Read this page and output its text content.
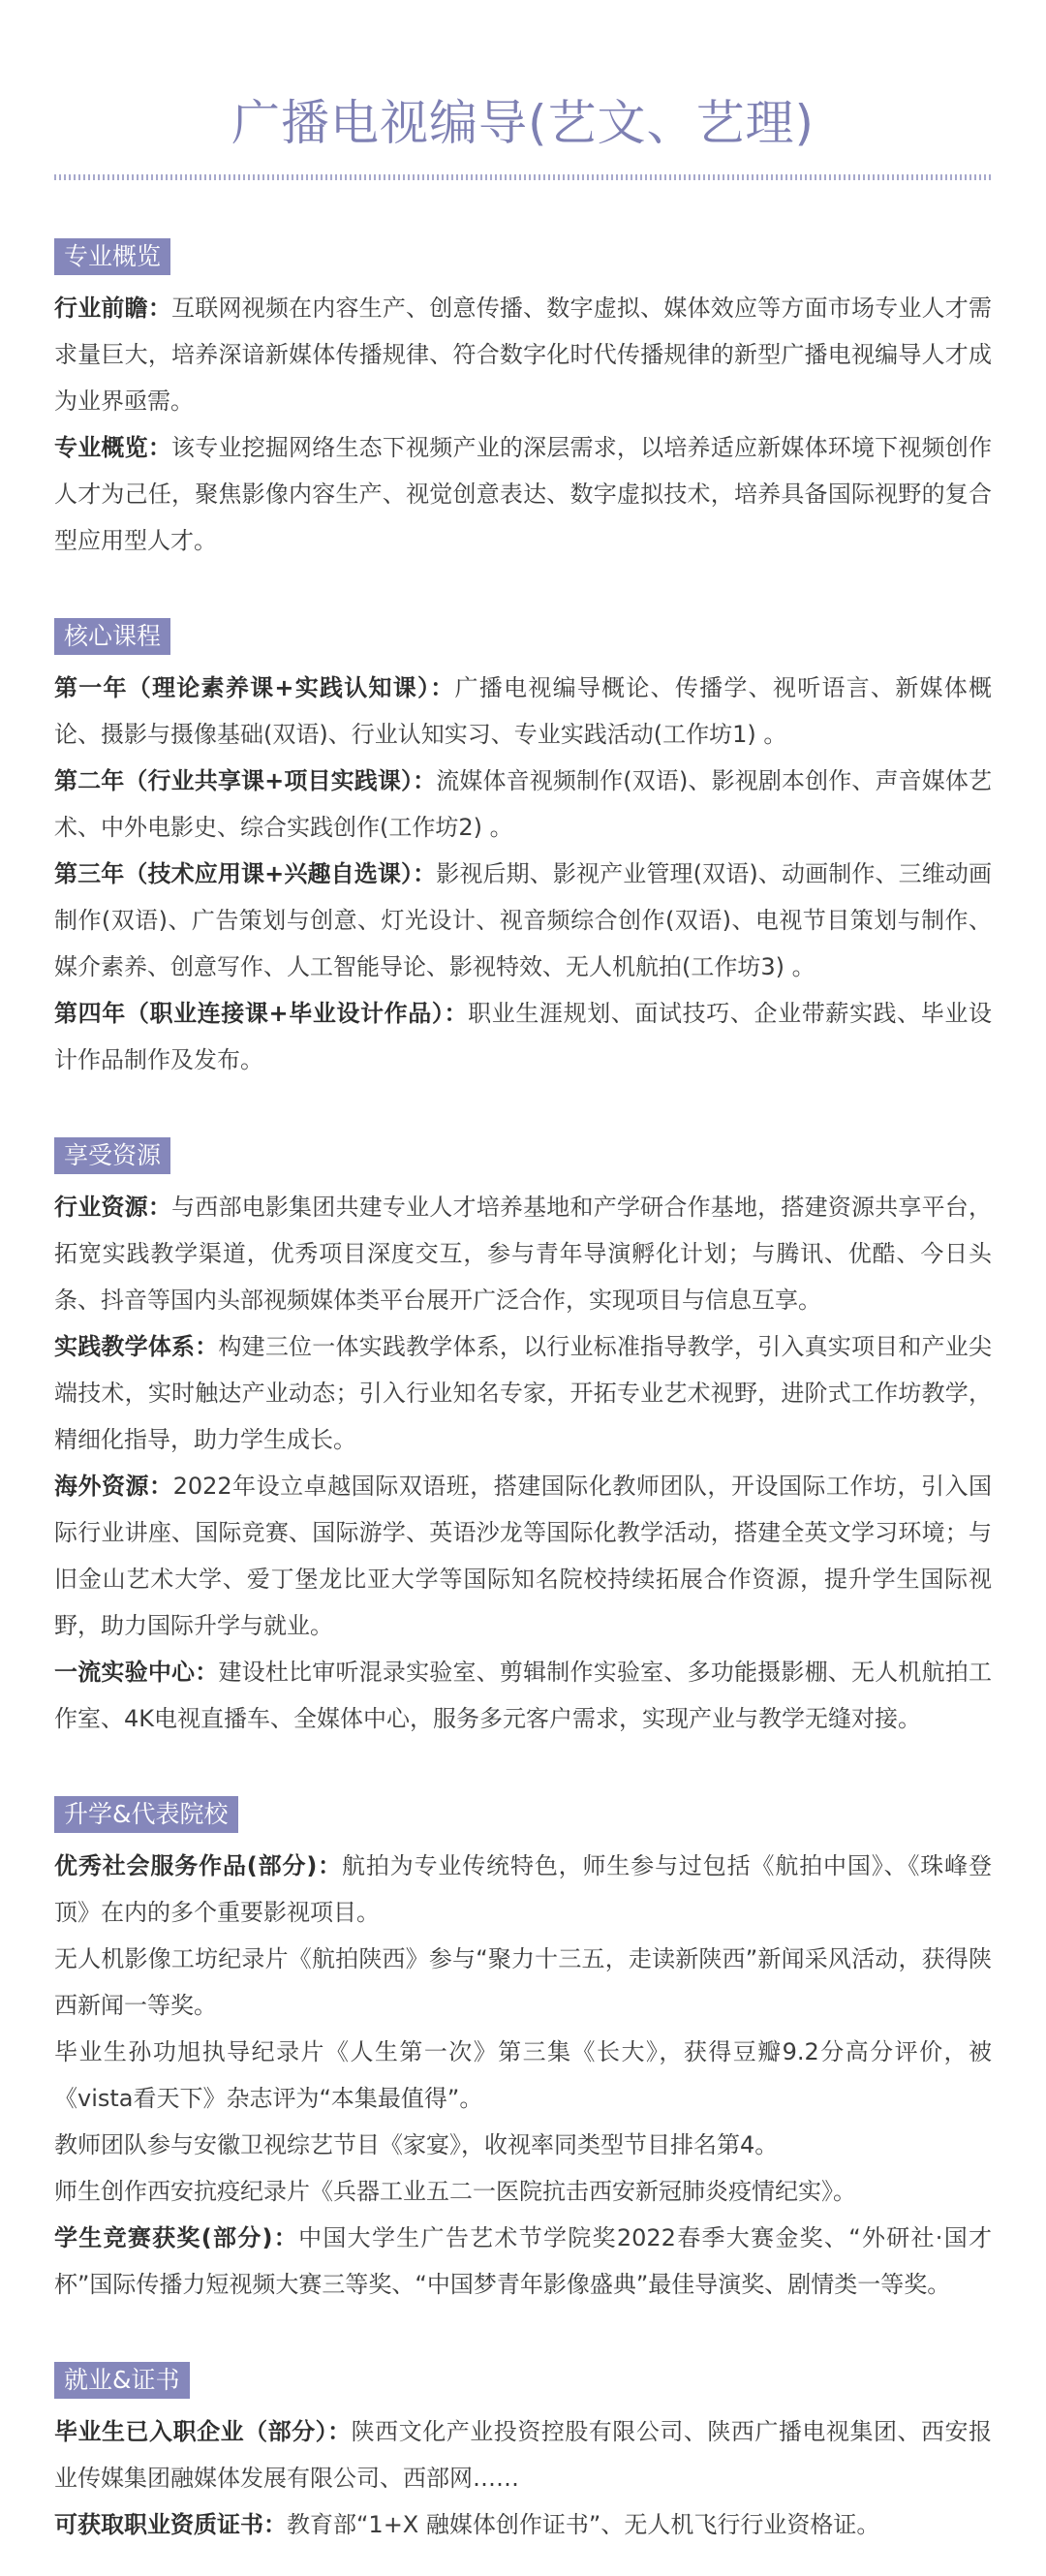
广播电视编导(艺文、艺理)
专业概览

行业前瞻：互联网视频在内容生产、创意传播、数字虚拟、媒体效应等方面市场专业人才需求量巨大，培养深谙新媒体传播规律、符合数字化时代传播规律的新型广播电视编导人才成为业界亟需。

专业概览：该专业挖掘网络生态下视频产业的深层需求，以培养适应新媒体环境下视频创作人才为己任，聚焦影像内容生产、视觉创意表达、数字虚拟技术，培养具备国际视野的复合型应用型人才。

核心课程

第一年（理论素养课+实践认知课）：广播电视编导概论、传播学、视听语言、新媒体概论、摄影与摄像基础(双语)、行业认知实习、专业实践活动(工作坊1) 。

第二年（行业共享课+项目实践课）：流媒体音视频制作(双语)、影视剧本创作、声音媒体艺术、中外电影史、综合实践创作(工作坊2) 。

第三年（技术应用课+兴趣自选课）：影视后期、影视产业管理(双语)、动画制作、三维动画制作(双语)、广告策划与创意、灯光设计、视音频综合创作(双语)、电视节目策划与制作、媒介素养、创意写作、人工智能导论、影视特效、无人机航拍(工作坊3) 。

第四年（职业连接课+毕业设计作品）：职业生涯规划、面试技巧、企业带薪实践、毕业设计作品制作及发布。

享受资源

行业资源：与西部电影集团共建专业人才培养基地和产学研合作基地，搭建资源共享平台，拓宽实践教学渠道，优秀项目深度交互，参与青年导演孵化计划；与腾讯、优酷、今日头条、抖音等国内头部视频媒体类平台展开广泛合作，实现项目与信息互享。

实践教学体系：构建三位一体实践教学体系，以行业标准指导教学，引入真实项目和产业尖端技术，实时触达产业动态；引入行业知名专家，开拓专业艺术视野，进阶式工作坊教学，精细化指导，助力学生成长。

海外资源：2022年设立卓越国际双语班，搭建国际化教师团队，开设国际工作坊，引入国际行业讲座、国际竞赛、国际游学、英语沙龙等国际化教学活动，搭建全英文学习环境；与旧金山艺术大学、爱丁堡龙比亚大学等国际知名院校持续拓展合作资源，提升学生国际视野，助力国际升学与就业。

一流实验中心：建设杜比审听混录实验室、剪辑制作实验室、多功能摄影棚、无人机航拍工作室、4K电视直播车、全媒体中心，服务多元客户需求，实现产业与教学无缝对接。

升学&代表院校

优秀社会服务作品(部分)：航拍为专业传统特色，师生参与过包括《航拍中国》、《珠峰登顶》在内的多个重要影视项目。

无人机影像工坊纪录片《航拍陕西》参与“聚力十三五，走读新陕西”新闻采风活动，获得陕西新闻一等奖。

毕业生孙功旭执导纪录片《人生第一次》第三集《长大》，获得豆瓣9.2分高分评价，被《vista看天下》杂志评为“本集最值得”。

教师团队参与安徽卫视综艺节目《家宴》，收视率同类型节目排名第4。

师生创作西安抗疫纪录片《兵器工业五二一医院抗击西安新冠肺炎疫情纪实》。

学生竞赛获奖(部分)：中国大学生广告艺术节学院奖2022春季大赛金奖、“外研社·国才杯”国际传播力短视频大赛三等奖、“中国梦青年影像盛典”最佳导演奖、剧情类一等奖。

就业&证书

毕业生已入职企业（部分）：陕西文化产业投资控股有限公司、陕西广播电视集团、西安报业传媒集团融媒体发展有限公司、西部网……

可获取职业资质证书：教育部“1+X 融媒体创作证书”、无人机飞行行业资格证。
